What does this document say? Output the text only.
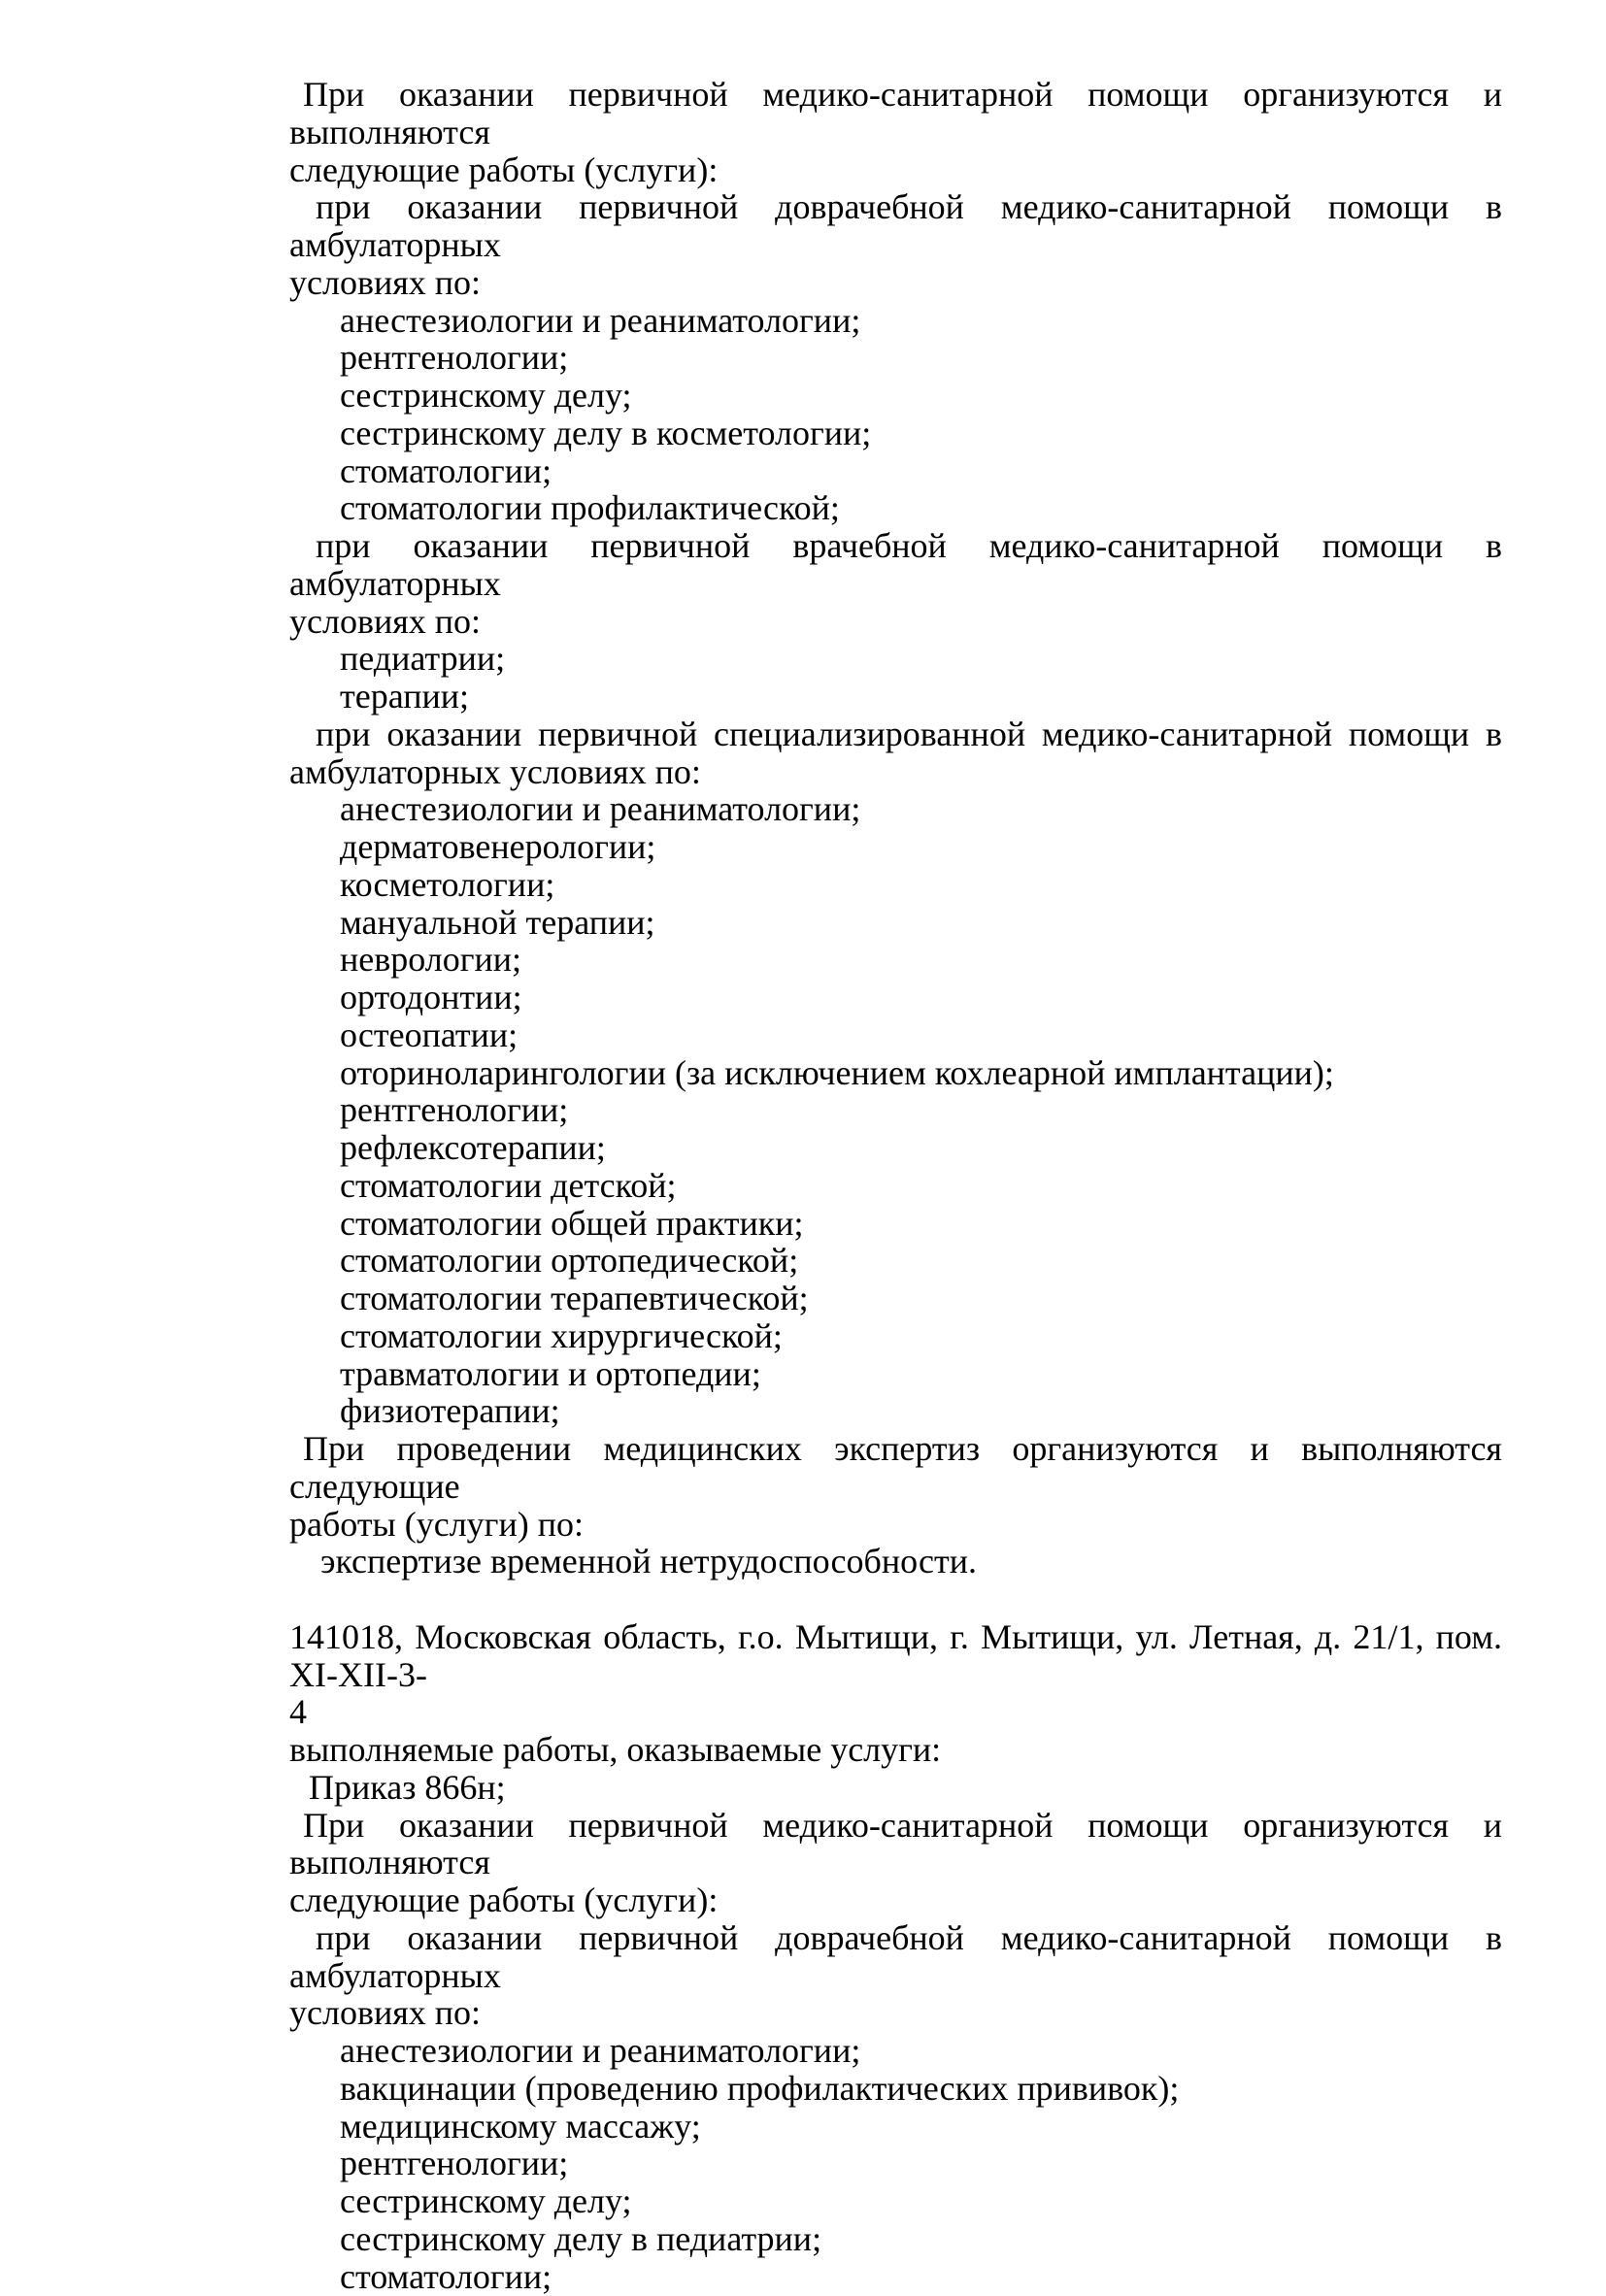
При оказании первичной медико-санитарной помощи организуются и выполняются
следующие работы (услуги):
при оказании первичной доврачебной медико-санитарной помощи в амбулаторных
условиях по:
анестезиологии и реаниматологии;
рентгенологии;
сестринскому делу;
сестринскому делу в косметологии;
стоматологии;
стоматологии профилактической;
при оказании первичной врачебной медико-санитарной помощи в амбулаторных
условиях по:
педиатрии;
терапии;
при оказании первичной специализированной медико-санитарной помощи в
амбулаторных условиях по:
анестезиологии и реаниматологии;
дерматовенерологии;
косметологии;
мануальной терапии;
неврологии;
ортодонтии;
остеопатии;
оториноларингологии (за исключением кохлеарной имплантации);
рентгенологии;
рефлексотерапии;
стоматологии детской;
стоматологии общей практики;
стоматологии ортопедической;
стоматологии терапевтической;
стоматологии хирургической;
травматологии и ортопедии;
физиотерапии;
При проведении медицинских экспертиз организуются и выполняются следующие
работы (услуги) по:
экспертизе временной нетрудоспособности.

141018, Московская область, г.о. Мытищи, г. Мытищи, ул. Летная, д. 21/1, пом. XI-XII-3-
4
выполняемые работы, оказываемые услуги:
Приказ 866н;
При оказании первичной медико-санитарной помощи организуются и выполняются
следующие работы (услуги):
при оказании первичной доврачебной медико-санитарной помощи в амбулаторных
условиях по:
анестезиологии и реаниматологии;
вакцинации (проведению профилактических прививок);
медицинскому массажу;
рентгенологии;
сестринскому делу;
сестринскому делу в педиатрии;
стоматологии;
